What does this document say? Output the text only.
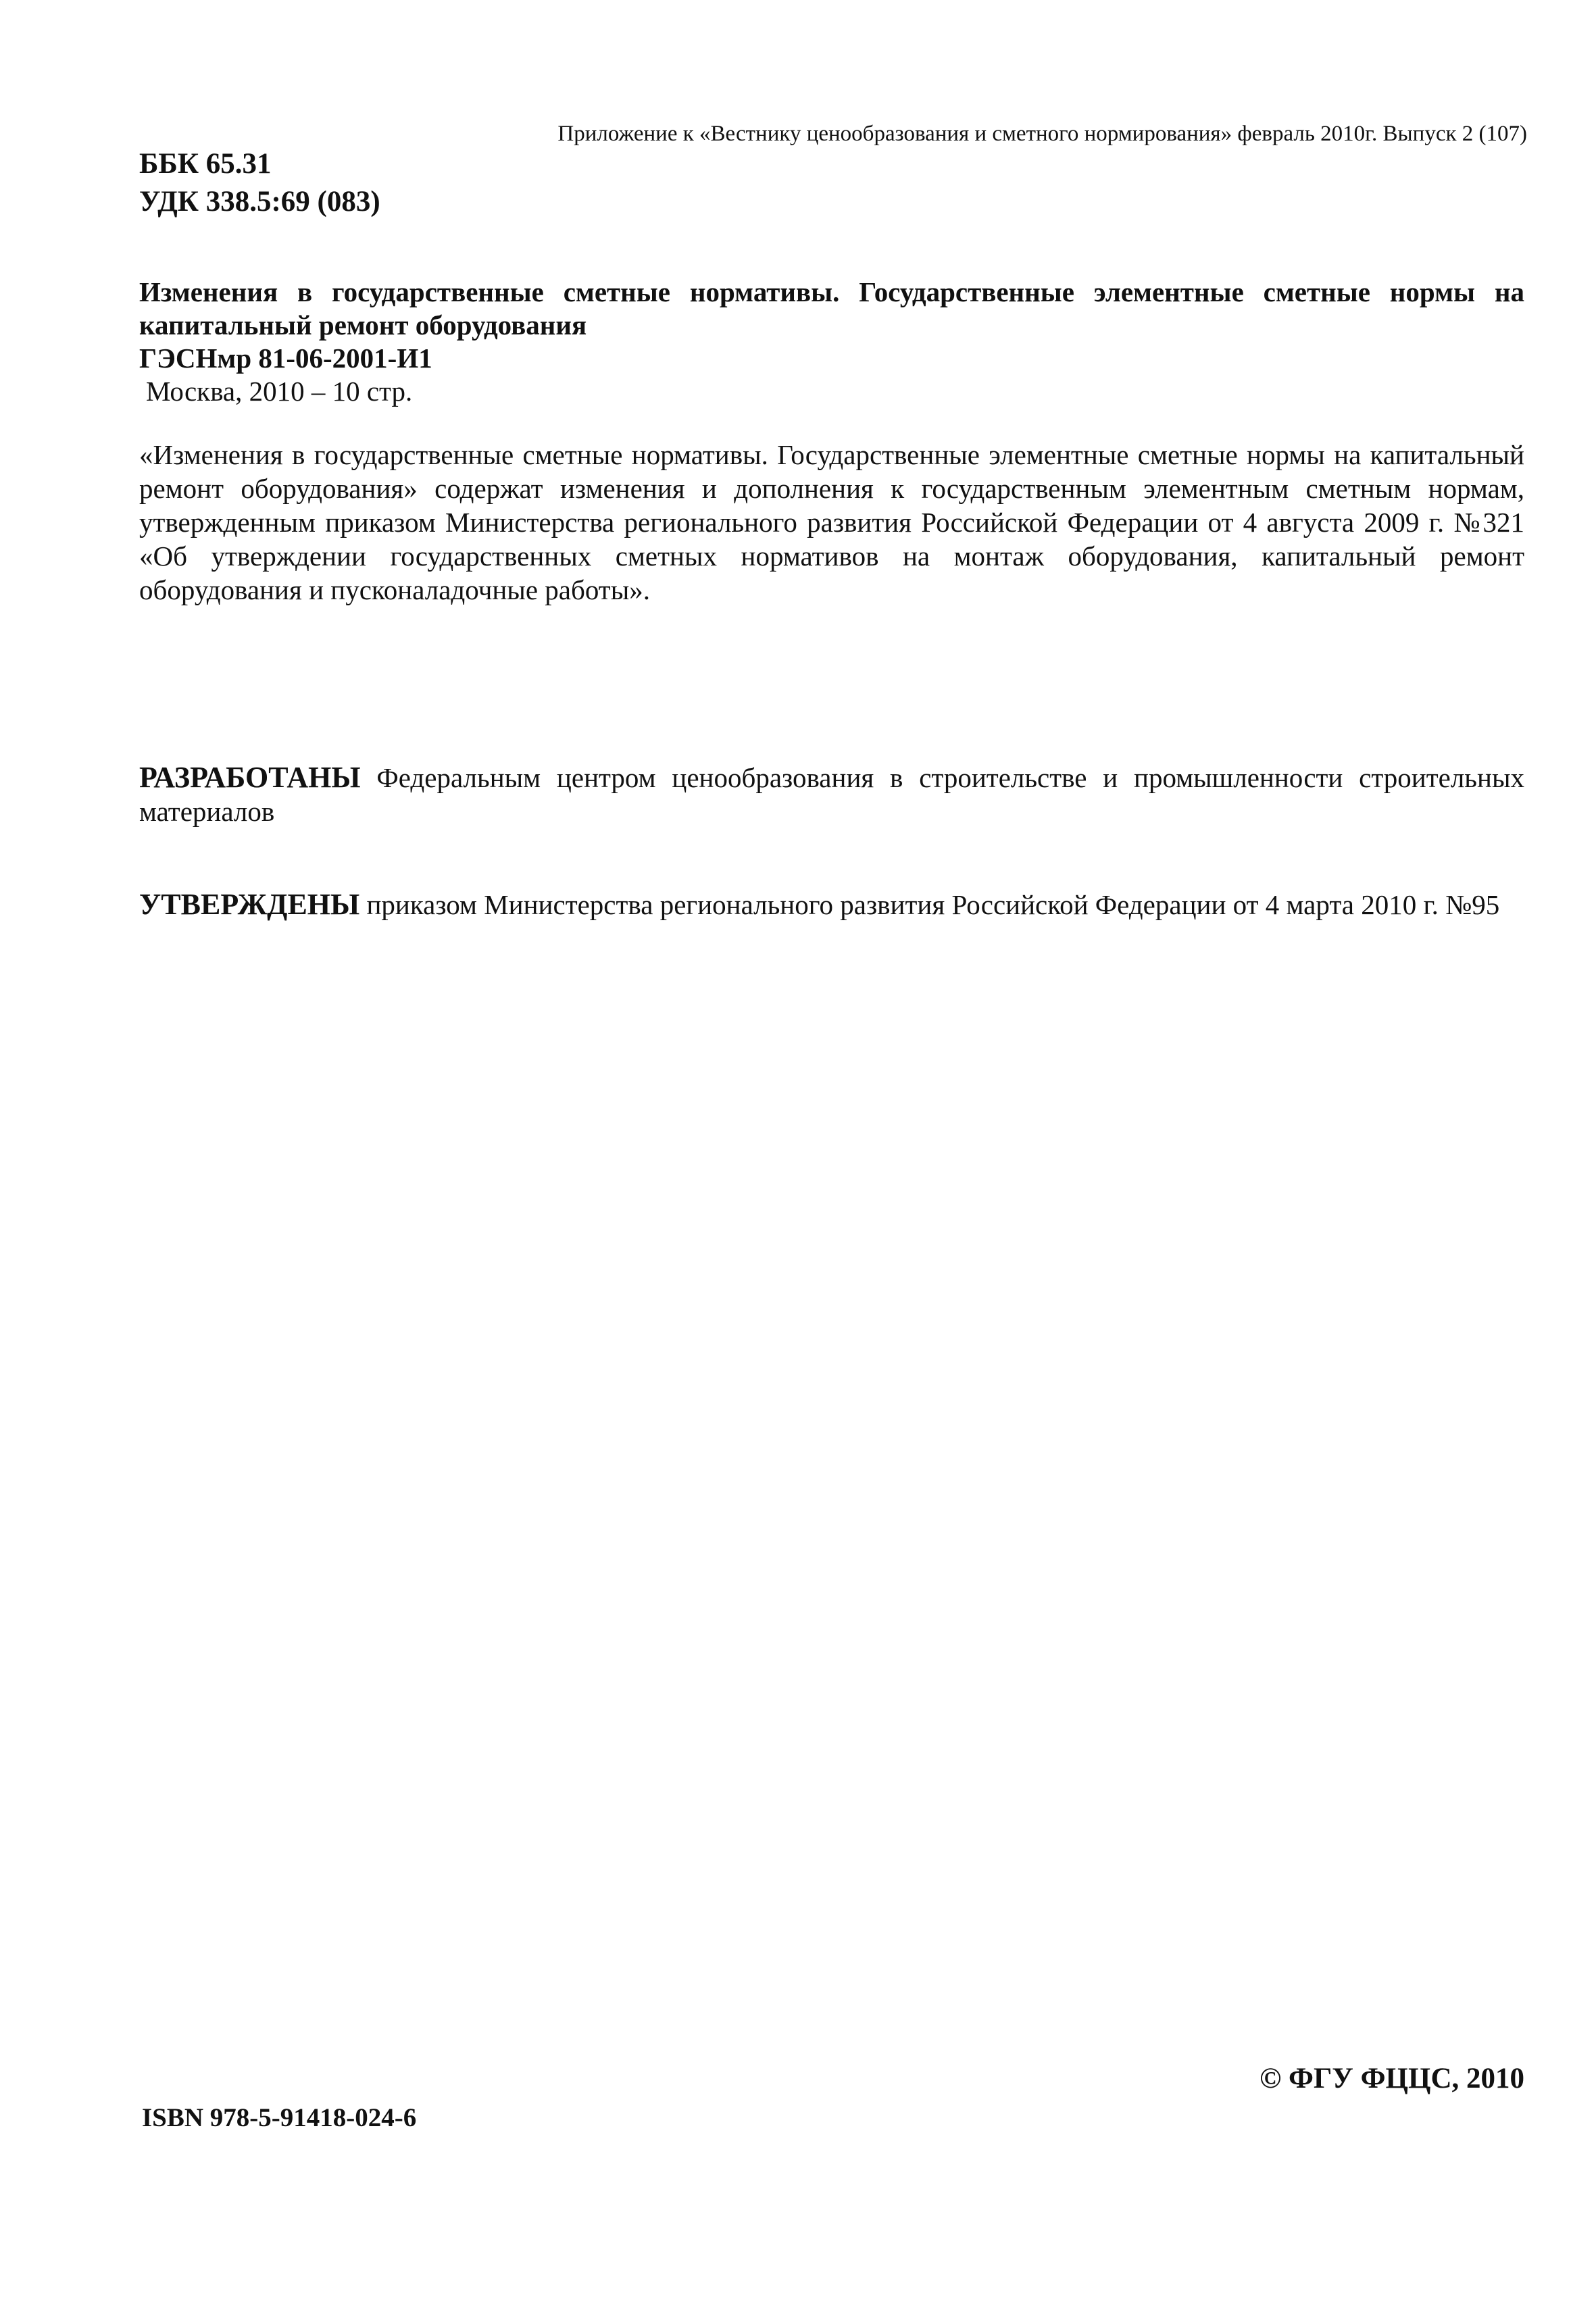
Приложение к «Вестнику ценообразования и сметного нормирования» февраль 2010г. Выпуск 2 (107)
ББК 65.31
УДК 338.5:69 (083)
Изменения в государственные сметные нормативы. Государственные элементные сметные нормы на капитальный ремонт оборудования
ГЭСНмр 81-06-2001-И1
Москва, 2010 – 10 стр.
«Изменения в государственные сметные нормативы. Государственные элементные сметные нормы на капитальный ремонт оборудования» содержат изменения и дополнения к государственным элементным сметным нормам, утвержденным приказом Министерства регионального развития Российской Федерации от 4 августа 2009 г. №321 «Об утверждении государственных сметных нормативов на монтаж оборудования, капитальный ремонт оборудования и пусконаладочные работы».
РАЗРАБОТАНЫ Федеральным центром ценообразования в строительстве и промышленности строительных материалов
УТВЕРЖДЕНЫ приказом Министерства регионального развития Российской Федерации от 4 марта 2010 г. №95
© ФГУ ФЦЦС, 2010
ISBN 978-5-91418-024-6
